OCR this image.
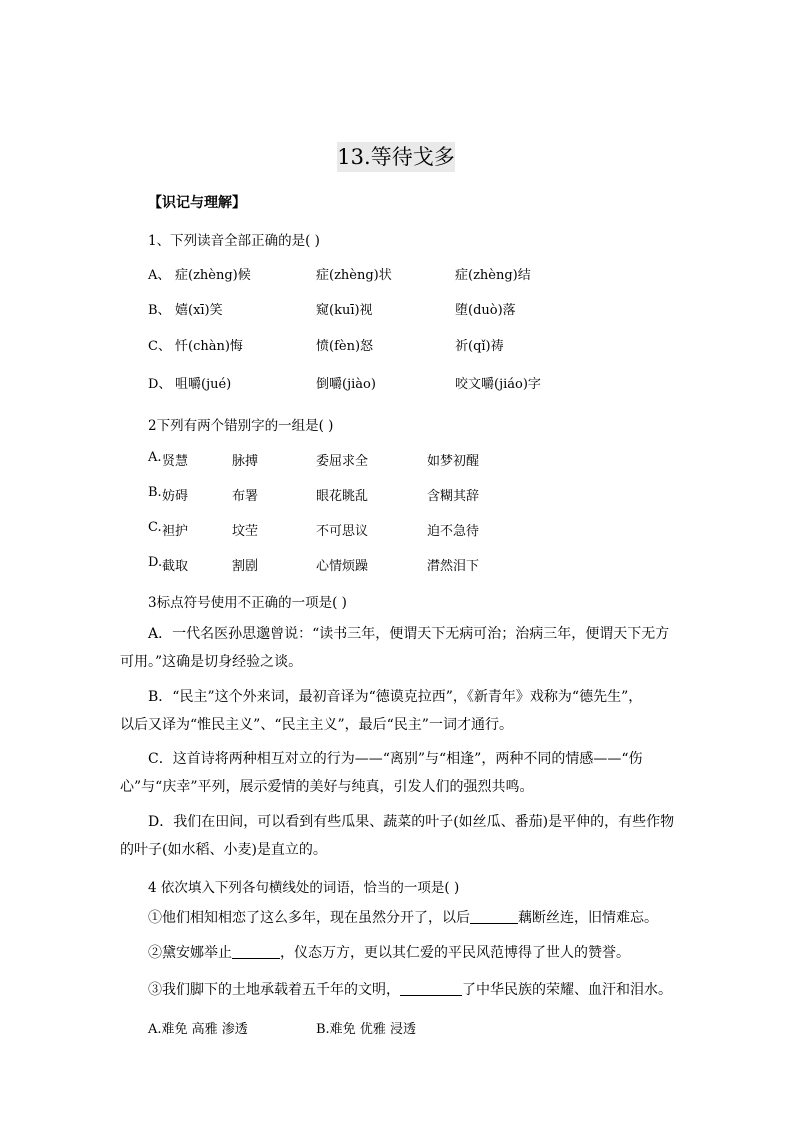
13.等待戈多
【识记与理解】
1、下列读音全部正确的是( )
A、 症(zhèng)候	症(zhèng)状	症(zhèng)结
B、 嬉(xī)笑	窥(kuī)视	堕(duò)落
C、 忏(chàn)悔	愤(fèn)怒	祈(qǐ)祷
D、 咀嚼(jué)	倒嚼(jiào)	咬文嚼(jiáo)字
2下列有两个错别字的一组是( )
A. 贤慧	脉搏	委屈求全	如梦初醒
B. 妨碍	布署	眼花眺乱	含糊其辞
C. 袒护	坟茔	不可思议	迫不急待
D. 截取	割剧	心情烦躁	潸然泪下
3标点符号使用不正确的一项是( )
A．一代名医孙思邈曾说：“读书三年，便谓天下无病可治；治病三年，便谓天下无方
可用。”这确是切身经验之谈。
B．“民主”这个外来词，最初音译为“德谟克拉西”，《新青年》戏称为“德先生”，
以后又译为“惟民主义”、“民主主义”，最后“民主”一词才通行。
C．这首诗将两种相互对立的行为——“离别”与“相逢”，两种不同的情感——“伤
心”与“庆幸”平列，展示爱情的美好与纯真，引发人们的强烈共鸣。
D．我们在田间，可以看到有些瓜果、蔬菜的叶子(如丝瓜、番茄)是平伸的，有些作物
的叶子(如水稻、小麦)是直立的。
4 依次填入下列各句横线处的词语，恰当的一项是( )
①他们相知相恋了这么多年，现在虽然分开了，以后	藕断丝连，旧情难忘。
②黛安娜举止	，仪态万方，更以其仁爱的平民风范博得了世人的赞誉。
③我们脚下的土地承载着五千年的文明，	了中华民族的荣耀、血汗和泪水。
A.难免 高雅 渗透	B.难免 优雅 浸透
